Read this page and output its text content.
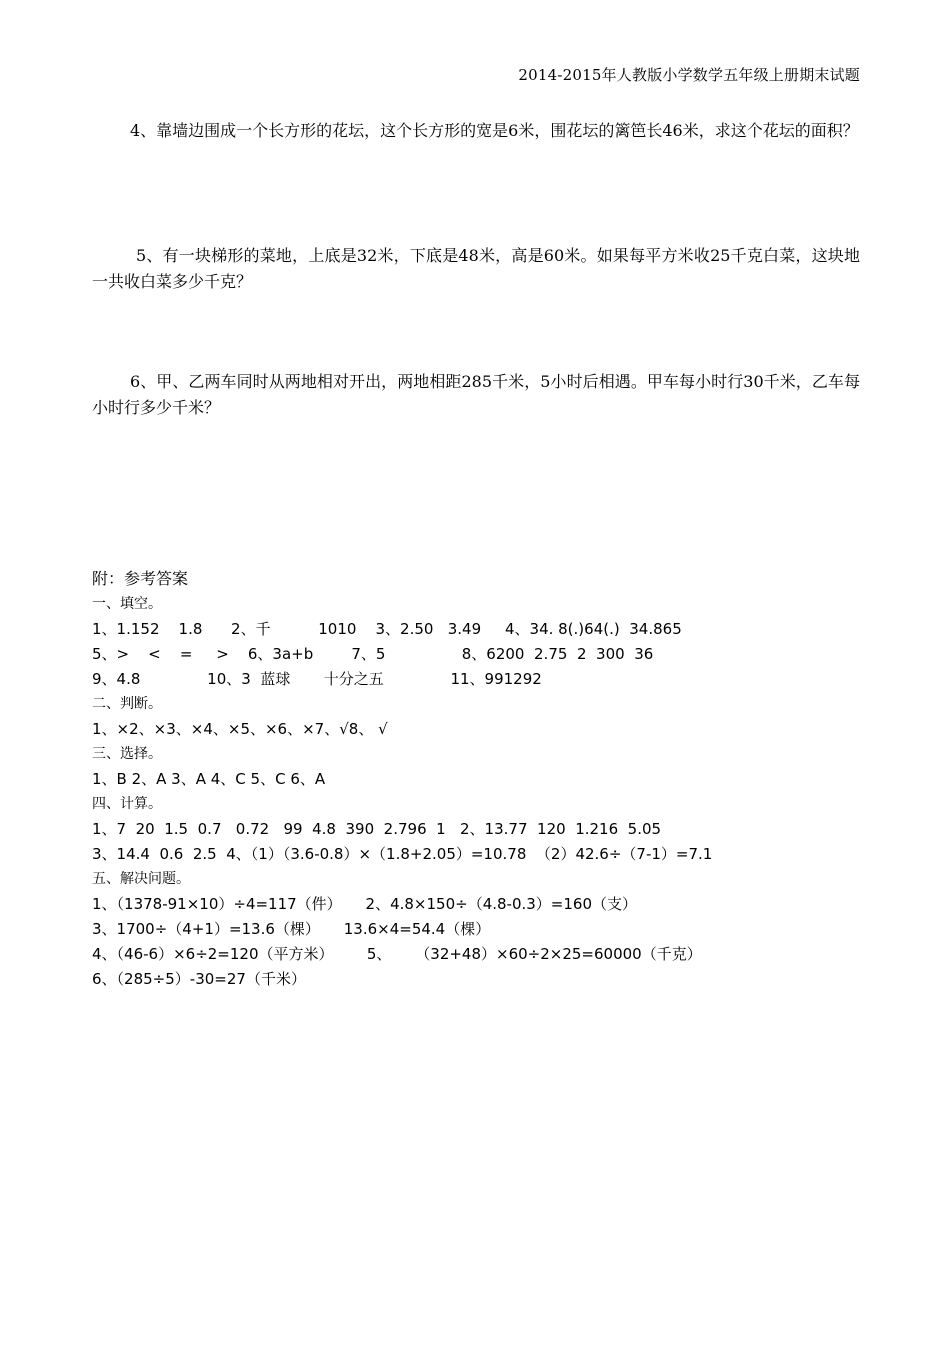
2014-2015年人教版小学数学五年级上册期末试题
4、靠墙边围成一个长方形的花坛，这个长方形的宽是6米，围花坛的篱笆长46米，求这个花坛的面积？
5、有一块梯形的菜地，上底是32米，下底是48米，高是60米。如果每平方米收25千克白菜，这块地一共收白菜多少千克？
6、甲、乙两车同时从两地相对开出，两地相距285千米，5小时后相遇。甲车每小时行30千米，乙车每小时行多少千米？
附：参考答案
一、填空。
1、1.152    1.8      2、千          1010    3、2.50   3.49     4、34. 8(.)64(.)  34.865
5、>    <    =     >    6、3a+b        7、5                8、6200  2.75  2  300  36
9、4.8              10、3  蓝球       十分之五              11、991292
二、判断。
1、×2、×3、×4、×5、×6、×7、√8、 √
三、选择。
1、B 2、A 3、A 4、C 5、C 6、A
四、计算。
1、7  20  1.5  0.7   0.72   99  4.8  390  2.796  1   2、13.77  120  1.216  5.05
3、14.4  0.6  2.5  4、（1）（3.6-0.8）×（1.8+2.05）=10.78  （2）42.6÷（7-1）=7.1
五、解决问题。
1、（1378-91×10）÷4=117（件）     2、4.8×150÷（4.8-0.3）=160（支）
3、1700÷（4+1）=13.6（棵）     13.6×4=54.4（棵）
4、（46-6）×6÷2=120（平方米）       5、     （32+48）×60÷2×25=60000（千克）
6、（285÷5）-30=27（千米）
